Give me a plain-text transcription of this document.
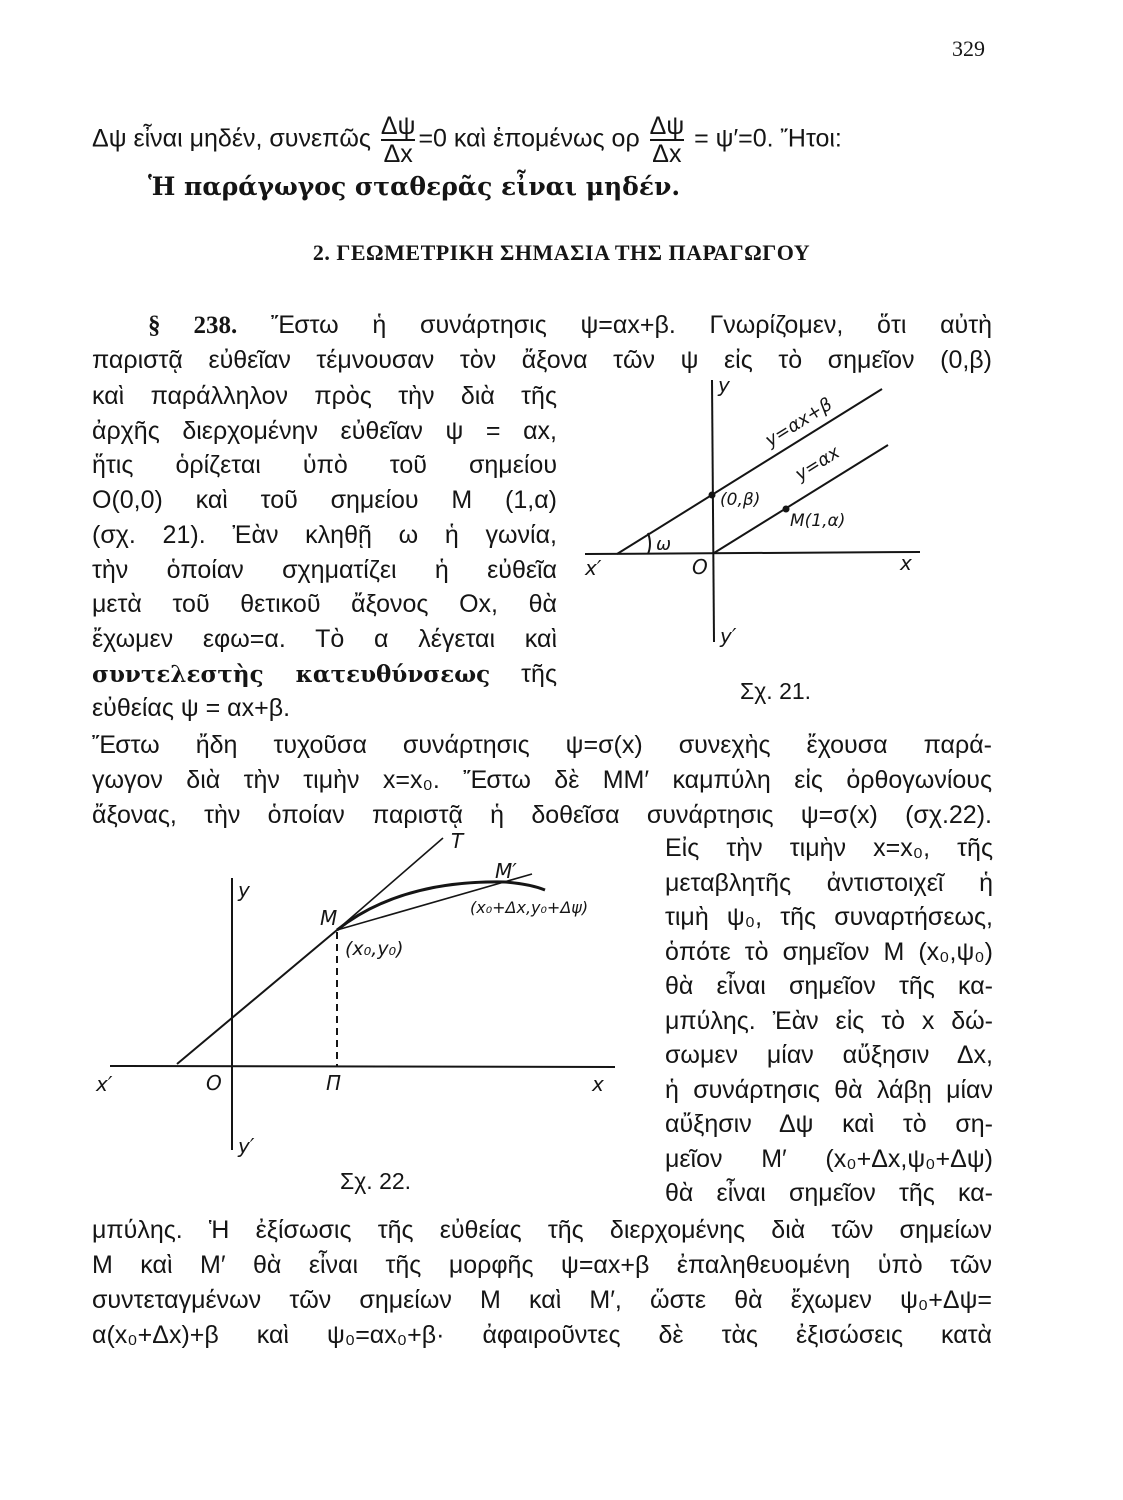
329
Δψ εἶναι μηδέν, συνεπῶς $\frac{\Delta\psi}{\Delta x} =0$ καὶ ἑπομένως ορ $\frac{\Delta\psi}{\Delta x} = \psi'=0$. Ἤτοι:
Ἡ παράγωγος σταθερᾶς εἶναι μηδέν.
2. ΓΕΩΜΕΤΡΙΚΗ ΣΗΜΑΣΙΑ ΤΗΣ ΠΑΡΑΓΩΓΟΥ
§ 238. Ἔστω ἡ συνάρτησις ψ=αx+β. Γνωρίζομεν, ὅτι αὐτὴ
παριστᾷ εὐθεῖαν τέμνουσαν τὸν ἄξονα τῶν ψ εἰς τὸ σημεῖον (0,β)
καὶ παράλληλον πρὸς τὴν διὰ τῆς
ἀρχῆς διερχομένην εὐθεῖαν ψ = αx,
ἥτις ὁρίζεται ὑπὸ τοῦ σημείου
O(0,0) καὶ τοῦ σημείου M (1,α)
(σχ. 21). Ἐὰν κληθῇ ω ἡ γωνία,
τὴν ὁποίαν σχηματίζει ἡ εὐθεῖα
μετὰ τοῦ θετικοῦ ἄξονος Ox, θὰ
ἔχωμεν εφω=α. Τὸ α λέγεται καὶ
συντελεστὴς κατευθύνσεως τῆς
εὐθείας ψ = αx+β.
y
y′
x
x′	O
ω
(0,β)
M(1,α)
y=αx+β
y=αx
Σχ. 21.
Ἔστω ἤδη τυχοῦσα συνάρτησις ψ=σ(x) συνεχὴς ἔχουσα παρά-
γωγον διὰ τὴν τιμὴν x=x₀. Ἔστω δὲ MM′ καμπύλη εἰς ὀρθογωνίους
ἄξονας, τὴν ὁποίαν παριστᾷ ἡ δοθεῖσα συνάρτησις ψ=σ(x) (σχ.22).
Εἰς τὴν τιμὴν x=x₀, τῆς
μεταβλητῆς ἀντιστοιχεῖ ἡ
τιμὴ ψ₀, τῆς συναρτήσεως,
ὁπότε τὸ σημεῖον M (x₀,ψ₀)
θὰ εἶναι σημεῖον τῆς κα-
μπύλης. Ἐὰν εἰς τὸ x δώ-
σωμεν μίαν αὔξησιν Δx,
ἡ συνάρτησις θὰ λάβῃ μίαν
αὔξησιν Δψ καὶ τὸ ση-
μεῖον M′ (x₀+Δx,ψ₀+Δψ)
θὰ εἶναι σημεῖον τῆς κα-
y
y′
x
x′	O	Π
T
M
M′
(x₀,y₀)
(x₀+Δx,y₀+Δψ)
Σχ. 22.
μπύλης. Ἡ ἐξίσωσις τῆς εὐθείας τῆς διερχομένης διὰ τῶν σημείων
M καὶ M′ θὰ εἶναι τῆς μορφῆς ψ=αx+β ἐπαληθευομένη ὑπὸ τῶν
συντεταγμένων τῶν σημείων M καὶ M′, ὥστε θὰ ἔχωμεν ψ₀+Δψ=
α(x₀+Δx)+β καὶ ψ₀=αx₀+β· ἀφαιροῦντες δὲ τὰς ἐξισώσεις κατὰ
